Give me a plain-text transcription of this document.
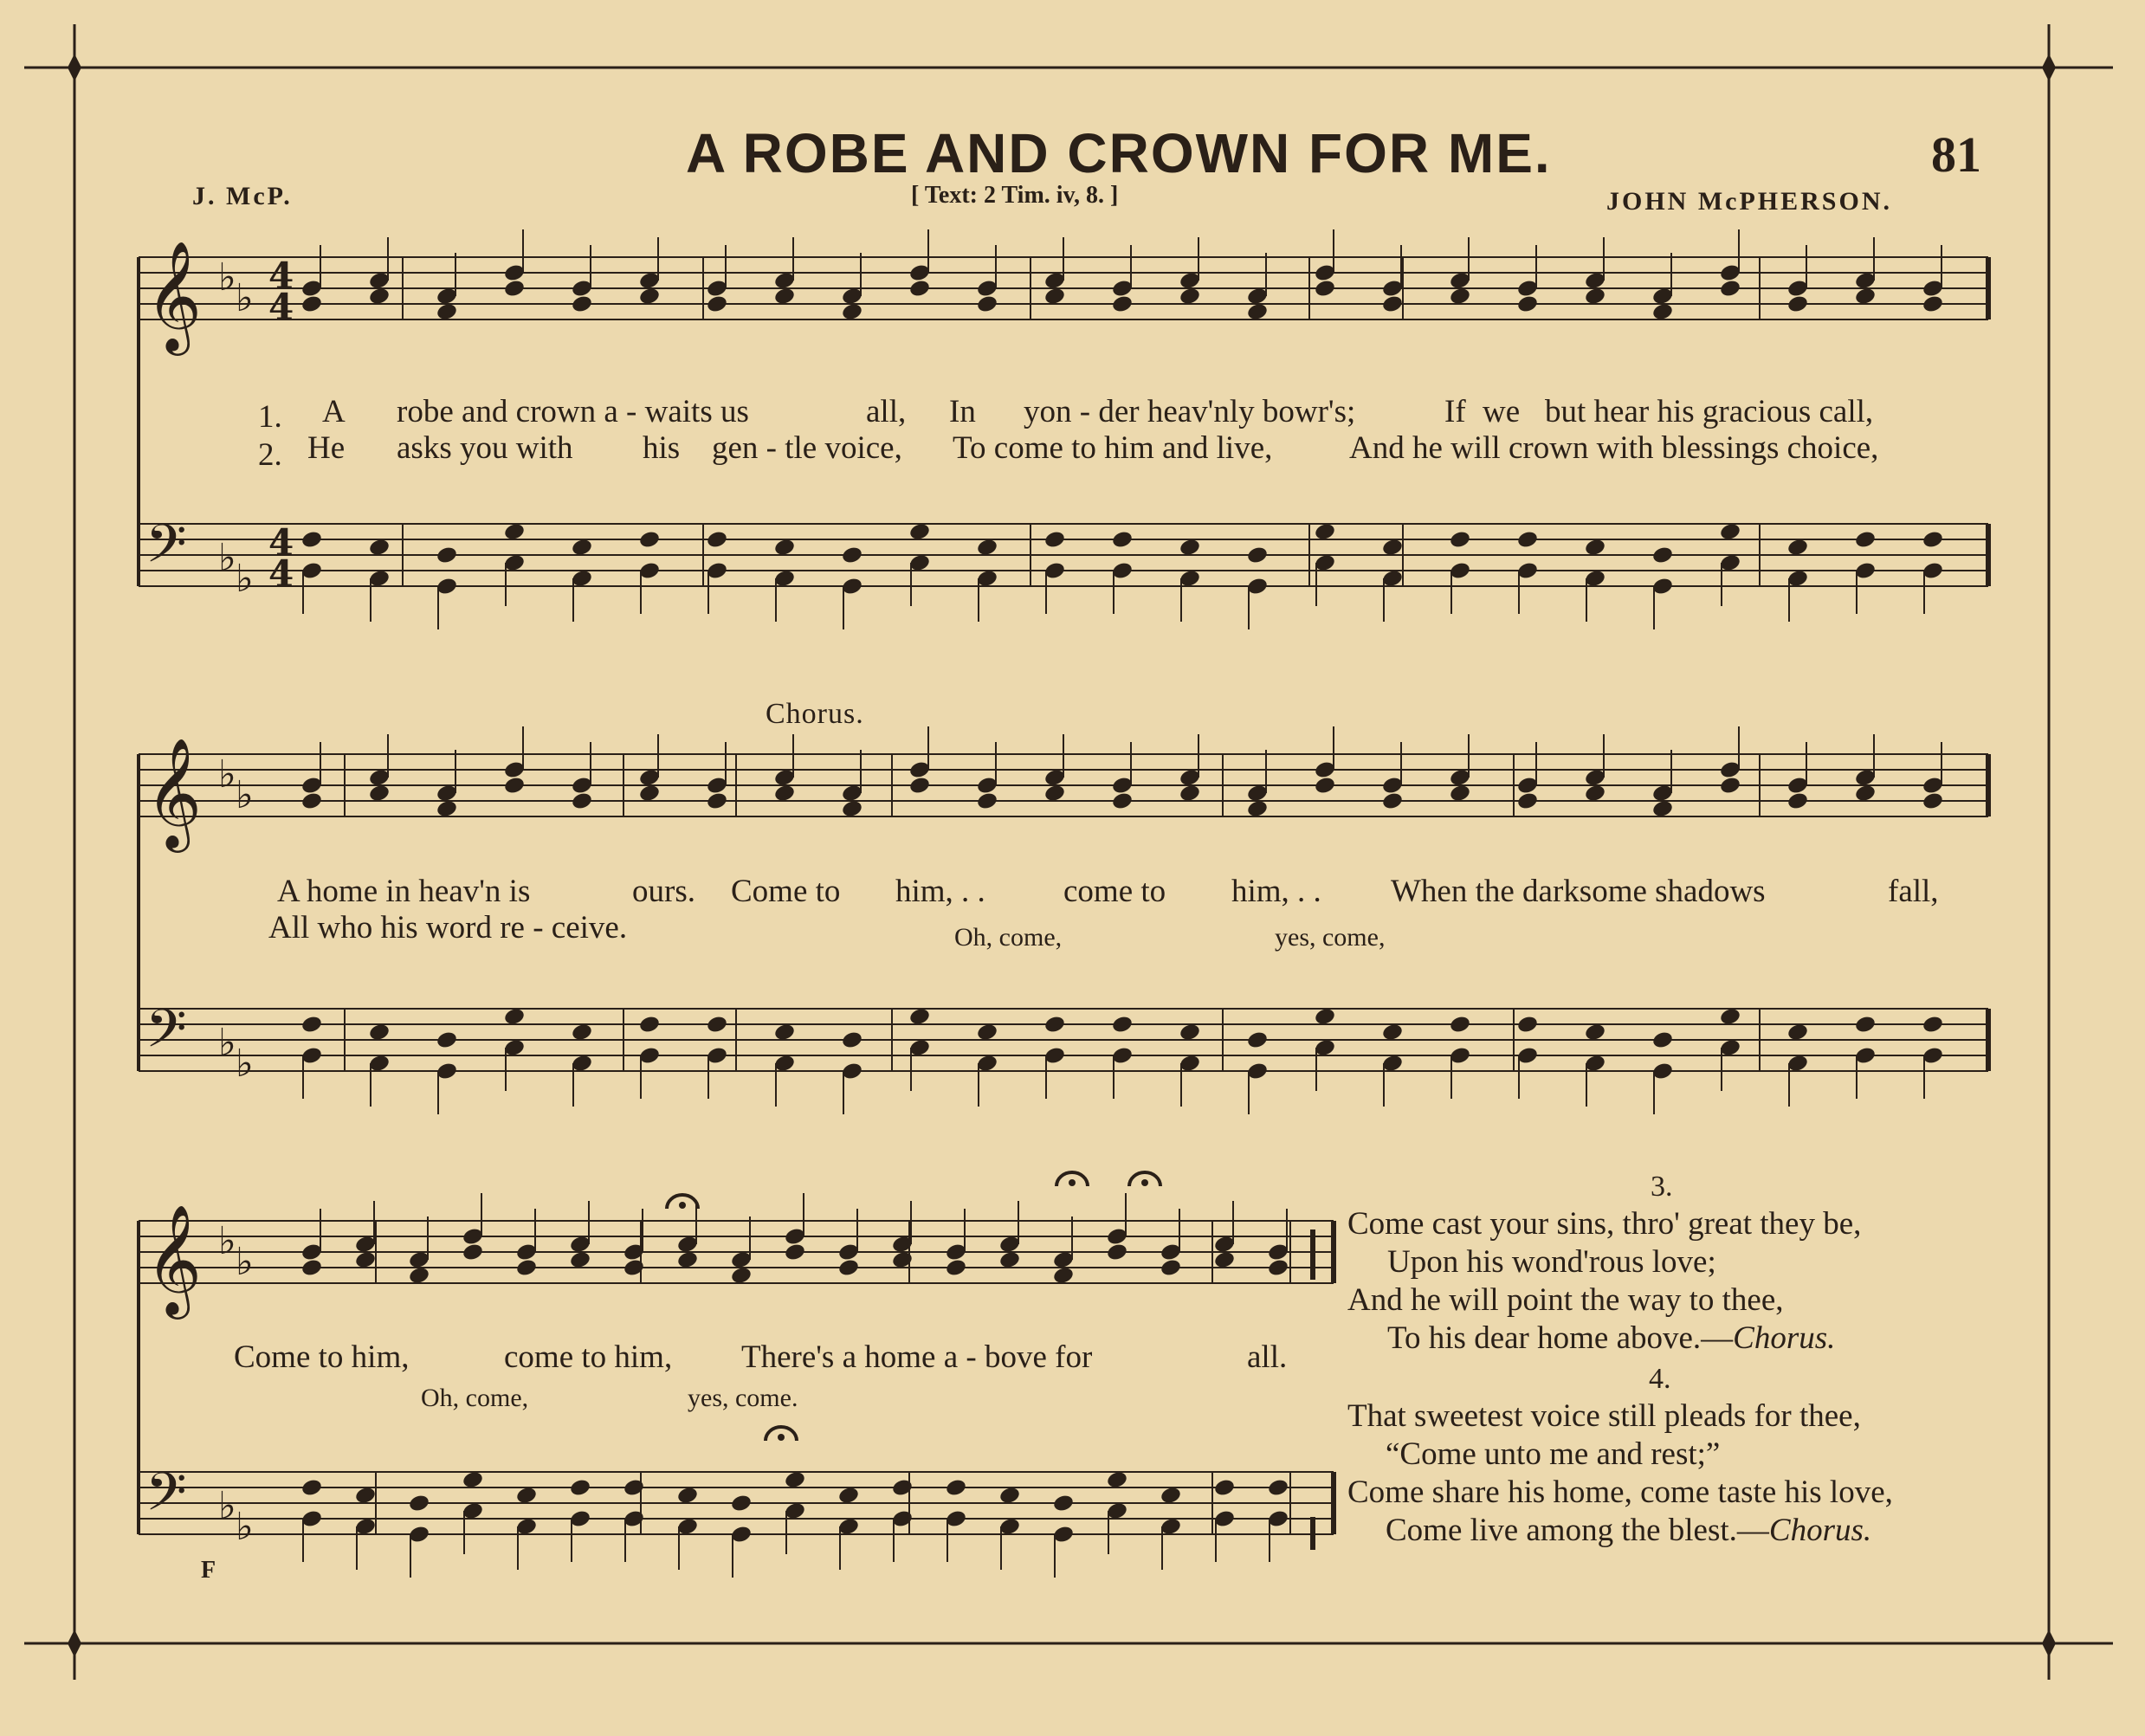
𝄞
𝄢
♭ ♭
♭ ♭
4
4
4
4
𝄞
𝄢
♭ ♭
♭ ♭
𝄞
𝄢
♭ ♭
♭ ♭
A ROBE AND CROWN FOR ME.	81
J. McP.	[ Text: 2 Tim. iv, 8. ]	JOHN McPHERSON.
1. A robe and crown a - waits us	all, In yon - der heav'nly bowr's;	If we but hear his gracious call,
2. He asks you with his gen - tle voice, To come to him and live, And he will crown with blessings choice,
Chorus.
A home in heav'n is	ours. Come to him, . . come to him, . . When the darksome shadows	fall,
All who his word re - ceive.	Oh, come,	yes, come,
Come to him,	come to him, There's a home a - bove for	all.
Oh, come,	yes, come.
F
3.
Come cast your sins, thro' great they be,
Upon his wond'rous love;
And he will point the way to thee,
To his dear home above.—Chorus.
4.
That sweetest voice still pleads for thee,
“Come unto me and rest;”
Come share his home, come taste his love,
Come live among the blest.—Chorus.
